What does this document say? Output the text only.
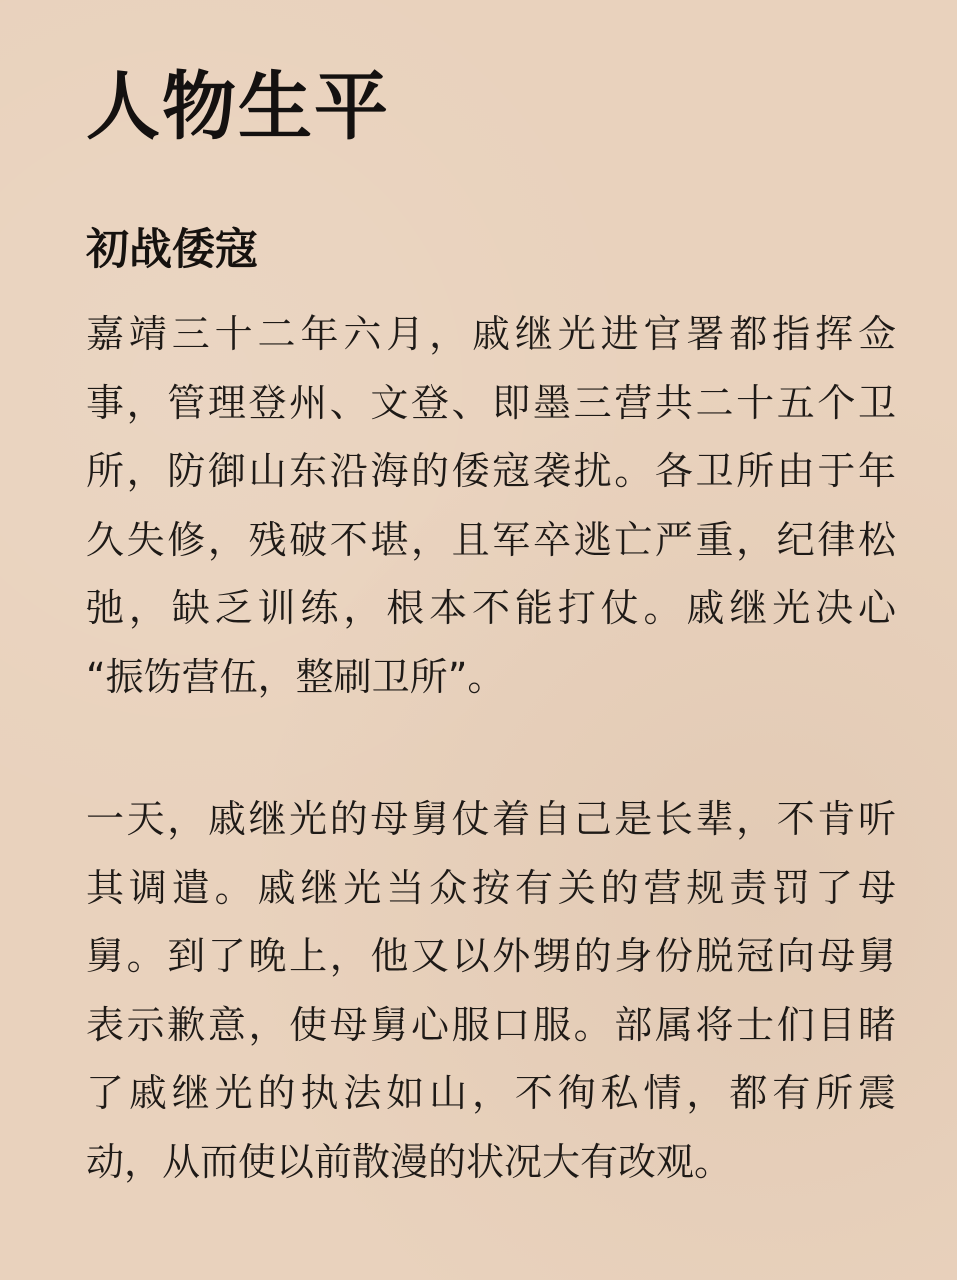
人物生平
初战倭寇

嘉靖三十二年六月，戚继光进官署都指挥佥
事，管理登州、文登、即墨三营共二十五个卫
所，防御山东沿海的倭寇袭扰。各卫所由于年
久失修，残破不堪，且军卒逃亡严重，纪律松
弛，缺乏训练，根本不能打仗。戚继光决心
“振饬营伍，整刷卫所”。

一天，戚继光的母舅仗着自己是长辈，不肯听
其调遣。戚继光当众按有关的营规责罚了母
舅。到了晚上，他又以外甥的身份脱冠向母舅
表示歉意，使母舅心服口服。部属将士们目睹
了戚继光的执法如山，不徇私情，都有所震
动，从而使以前散漫的状况大有改观。
